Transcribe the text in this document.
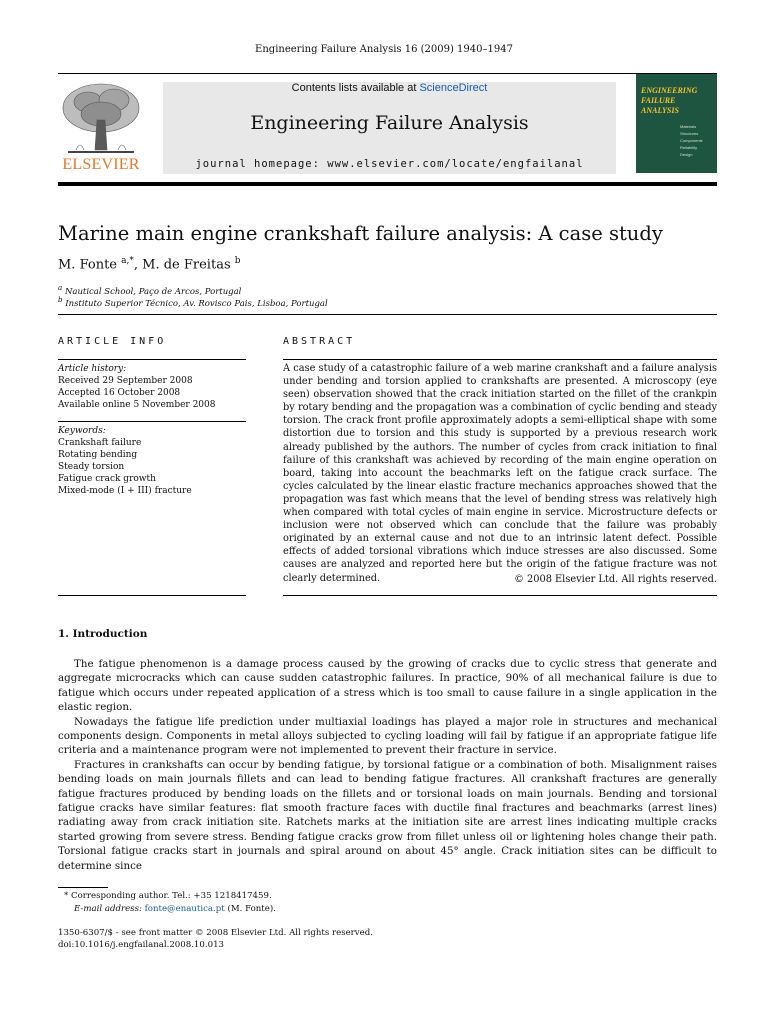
Engineering Failure Analysis 16 (2009) 1940–1947
ELSEVIER
Contents lists available at ScienceDirect
Engineering Failure Analysis
journal homepage: www.elsevier.com/locate/engfailanal
ENGINEERING
FAILURE
ANALYSIS
Materials
Structures
Components
Reliability
Design
Marine main engine crankshaft failure analysis: A case study
M. Fonte $^{a,*}$, M. de Freitas $^b$
$^a$ Nautical School, Paço de Arcos, Portugal
$^b$ Instituto Superior Técnico, Av. Rovisco Pais, Lisboa, Portugal
ARTICLE INFO
Article history:
Received 29 September 2008
Accepted 16 October 2008
Available online 5 November 2008
Keywords:
Crankshaft failure
Rotating bending
Steady torsion
Fatigue crack growth
Mixed-mode (I + III) fracture
ABSTRACT
A case study of a catastrophic failure of a web marine crankshaft and a failure analysis under bending and torsion applied to crankshafts are presented. A microscopy (eye seen) observation showed that the crack initiation started on the fillet of the crankpin by rotary bending and the propagation was a combination of cyclic bending and steady torsion. The crack front profile approximately adopts a semi-elliptical shape with some distortion due to torsion and this study is supported by a previous research work already published by the authors. The number of cycles from crack initiation to final failure of this crankshaft was achieved by recording of the main engine operation on board, taking into account the beachmarks left on the fatigue crack surface. The cycles calculated by the linear elastic fracture mechanics approaches showed that the propagation was fast which means that the level of bending stress was relatively high when compared with total cycles of main engine in service. Microstructure defects or inclusion were not observed which can conclude that the failure was probably originated by an external cause and not due to an intrinsic latent defect. Possible effects of added torsional vibrations which induce stresses are also discussed. Some causes are analyzed and reported here but the origin of the fatigue fracture was not clearly determined.	© 2008 Elsevier Ltd. All rights reserved.
1. Introduction

The fatigue phenomenon is a damage process caused by the growing of cracks due to cyclic stress that generate and aggregate microcracks which can cause sudden catastrophic failures. In practice, 90% of all mechanical failure is due to fatigue which occurs under repeated application of a stress which is too small to cause failure in a single application in the elastic region.

Nowadays the fatigue life prediction under multiaxial loadings has played a major role in structures and mechanical components design. Components in metal alloys subjected to cycling loading will fail by fatigue if an appropriate fatigue life criteria and a maintenance program were not implemented to prevent their fracture in service.

Fractures in crankshafts can occur by bending fatigue, by torsional fatigue or a combination of both. Misalignment raises bending loads on main journals fillets and can lead to bending fatigue fractures. All crankshaft fractures are generally fatigue fractures produced by bending loads on the fillets and or torsional loads on main journals. Bending and torsional fatigue cracks have similar features: flat smooth fracture faces with ductile final fractures and beachmarks (arrest lines) radiating away from crack initiation site. Ratchets marks at the initiation site are arrest lines indicating multiple cracks started growing from severe stress. Bending fatigue cracks grow from fillet unless oil or lightening holes change their path. Torsional fatigue cracks start in journals and spiral around on about 45° angle. Crack initiation sites can be difficult to determine since

* Corresponding author. Tel.: +35 1218417459.
E-mail address: fonte@enautica.pt (M. Fonte).
1350-6307/$ - see front matter © 2008 Elsevier Ltd. All rights reserved.
doi:10.1016/j.engfailanal.2008.10.013
